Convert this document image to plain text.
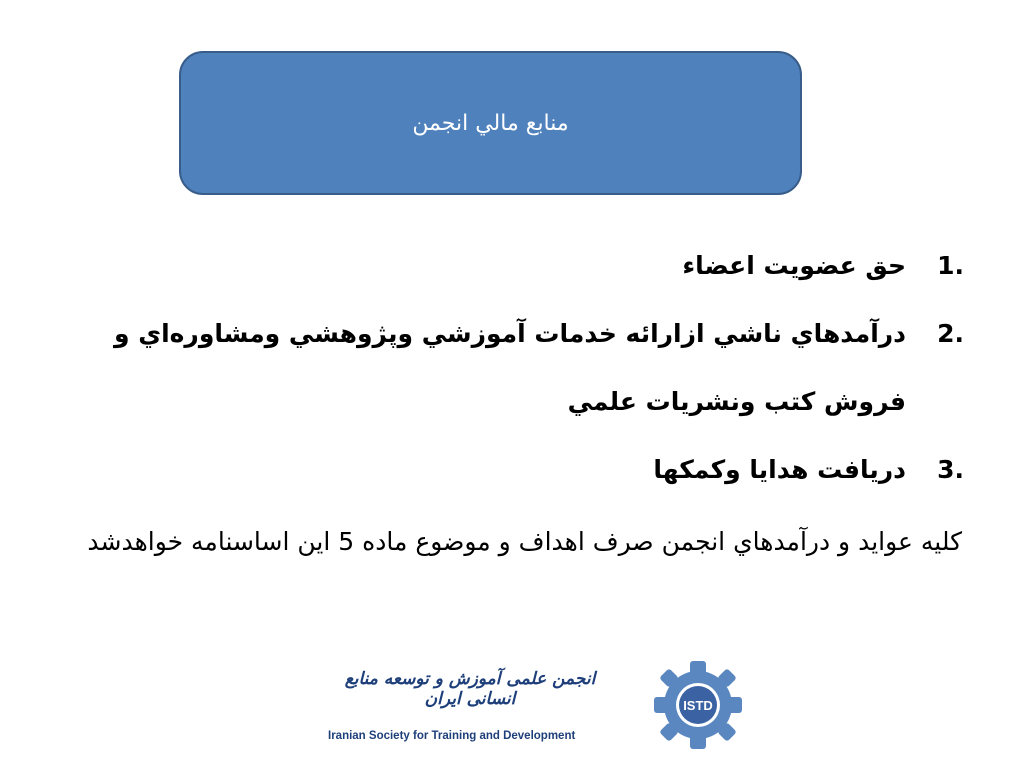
منابع مالي انجمن
1.
حق عضويت اعضاء
2.
درآمدهاي ناشي ازارائه خدمات آموزشي وپژوهشي ومشاوره‌اي و فروش كتب ونشريات علمي
3.
دريافت هدايا وكمكها
كليه عوايد و درآمدهاي انجمن صرف اهداف و موضوع ماده 5 اين اساسنامه خواهدشد
انجمن علمی آموزش و توسعه منابع انسانی ایران
Iranian Society for Training and Development
ISTD
